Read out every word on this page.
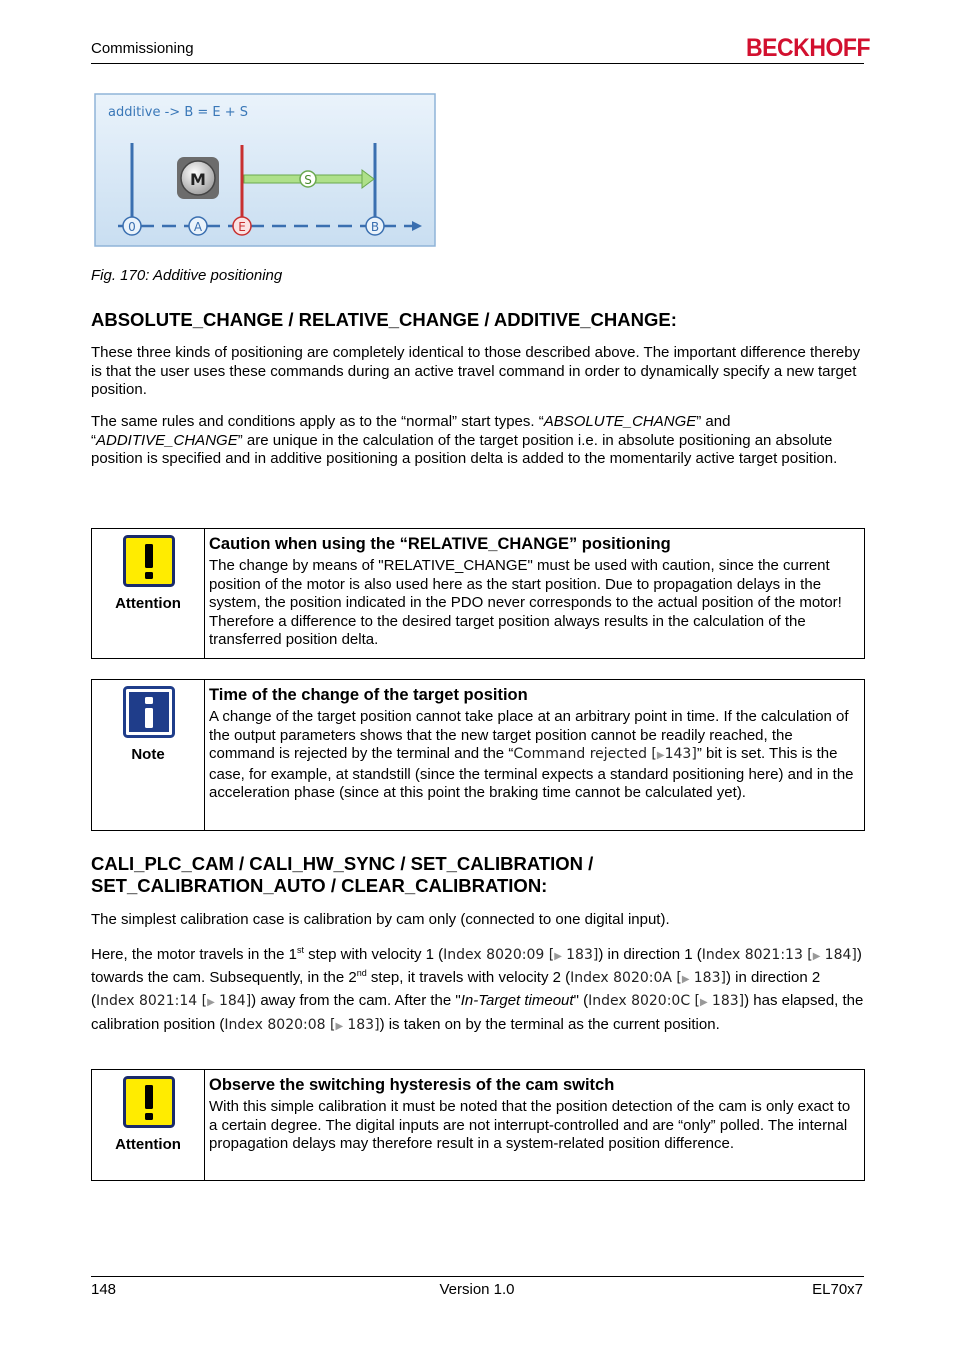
Commissioning	BECKHOFF
additive -> B = E + S
S
M
0	A	E	B
Fig. 170: Additive positioning
ABSOLUTE_CHANGE / RELATIVE_CHANGE / ADDITIVE_CHANGE:
These three kinds of positioning are completely identical to those described above. The important difference thereby is that the user uses these commands during an active travel command in order to dynamically specify a new target position.
The same rules and conditions apply as to the “normal” start types. “ABSOLUTE_CHANGE” and “ADDITIVE_CHANGE” are unique in the calculation of the target position i.e. in absolute positioning an absolute position is specified and in additive positioning a position delta is added to the momentarily active target position.
Attention
Caution when using the “RELATIVE_CHANGE” positioning
The change by means of "RELATIVE_CHANGE" must be used with caution, since the current position of the motor is also used here as the start position. Due to propagation delays in the system, the position indicated in the PDO never corresponds to the actual position of the motor! Therefore a difference to the desired target position always results in the calculation of the transferred position delta.
Note
Time of the change of the target position
A change of the target position cannot take place at an arbitrary point in time. If the calculation of the output parameters shows that the new target position cannot be readily reached, the command is rejected by the terminal and the “Command rejected [▶143]” bit is set. This is the case, for example, at standstill (since the terminal expects a standard positioning here) and in the acceleration phase (since at this point the braking time cannot be calculated yet).
CALI_PLC_CAM / CALI_HW_SYNC / SET_CALIBRATION /
SET_CALIBRATION_AUTO / CLEAR_CALIBRATION:
The simplest calibration case is calibration by cam only (connected to one digital input).
Here, the motor travels in the 1st step with velocity 1 (Index 8020:09 [▶ 183]) in direction 1 (Index 8021:13 [▶ 184]) towards the cam. Subsequently, in the 2nd step, it travels with velocity 2 (Index 8020:0A [▶ 183]) in direction 2 (Index 8021:14 [▶ 184]) away from the cam. After the "In-Target timeout" (Index 8020:0C [▶ 183]) has elapsed, the calibration position (Index 8020:08 [▶ 183]) is taken on by the terminal as the current position.
Attention
Observe the switching hysteresis of the cam switch
With this simple calibration it must be noted that the position detection of the cam is only exact to a certain degree. The digital inputs are not interrupt-controlled and are “only” polled. The internal propagation delays may therefore result in a system-related position difference.
148	Version 1.0	EL70x7
